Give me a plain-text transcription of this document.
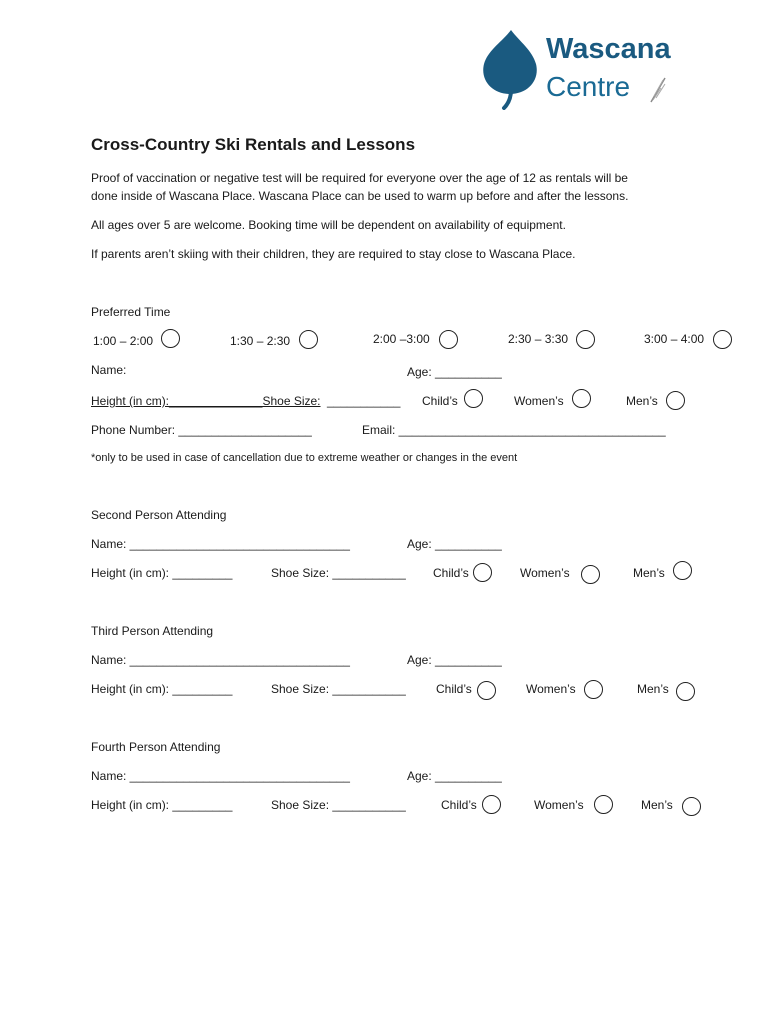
Wascana
Centre
Cross-Country Ski Rentals and Lessons
Proof of vaccination or negative test will be required for everyone over the age of 12 as rentals will be
done inside of Wascana Place. Wascana Place can be used to warm up before and after the lessons.
All ages over 5 are welcome. Booking time will be dependent on availability of equipment.
If parents aren’t skiing with their children, they are required to stay close to Wascana Place.
Preferred Time
1:00 – 2:00	1:30 – 2:30	2:00 –3:00	2:30 – 3:30	3:00 – 4:00
Name:	Age: __________
Height (in cm):______________Shoe Size: ___________ Child’s	Women’s	Men’s
Phone Number: ____________________	Email: ________________________________________
*only to be used in case of cancellation due to extreme weather or changes in the event
Second Person Attending
Name: _________________________________	Age: __________
Height (in cm): _________	Shoe Size: ___________ Child’s	Women’s	Men’s
Third Person Attending
Name: _________________________________	Age: __________
Height (in cm): _________	Shoe Size: ___________	Child’s	Women’s	Men’s
Fourth Person Attending
Name: _________________________________	Age: __________
Height (in cm): _________	Shoe Size: ___________	Child’s	Women’s	Men’s
